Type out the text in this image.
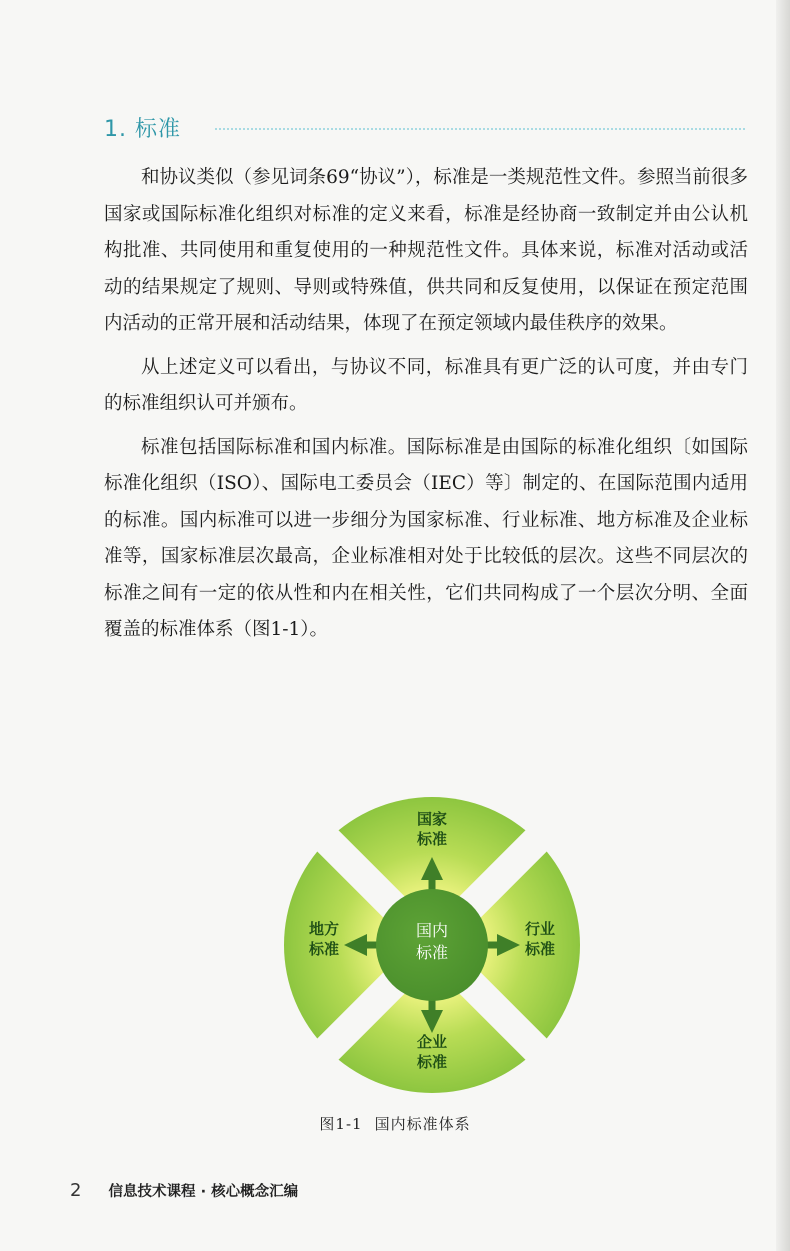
1. 标准

和协议类似（参见词条69“协议”），标准是一类规范性文件。参照当前很多国家或国际标准化组织对标准的定义来看，标准是经协商一致制定并由公认机构批准、共同使用和重复使用的一种规范性文件。具体来说，标准对活动或活动的结果规定了规则、导则或特殊值，供共同和反复使用，以保证在预定范围内活动的正常开展和活动结果，体现了在预定领域内最佳秩序的效果。

从上述定义可以看出，与协议不同，标准具有更广泛的认可度，并由专门的标准组织认可并颁布。

标准包括国际标准和国内标准。国际标准是由国际的标准化组织〔如国际标准化组织（ISO）、国际电工委员会（IEC）等〕制定的、在国际范围内适用的标准。国内标准可以进一步细分为国家标准、行业标准、地方标准及企业标准等，国家标准层次最高，企业标准相对处于比较低的层次。这些不同层次的标准之间有一定的依从性和内在相关性，它们共同构成了一个层次分明、全面覆盖的标准体系（图1-1）。

国内
标准
国家
标准
行业
标准
企业
标准
地方
标准
图1-1 国内标准体系
2 信息技术课程 · 核心概念汇编
